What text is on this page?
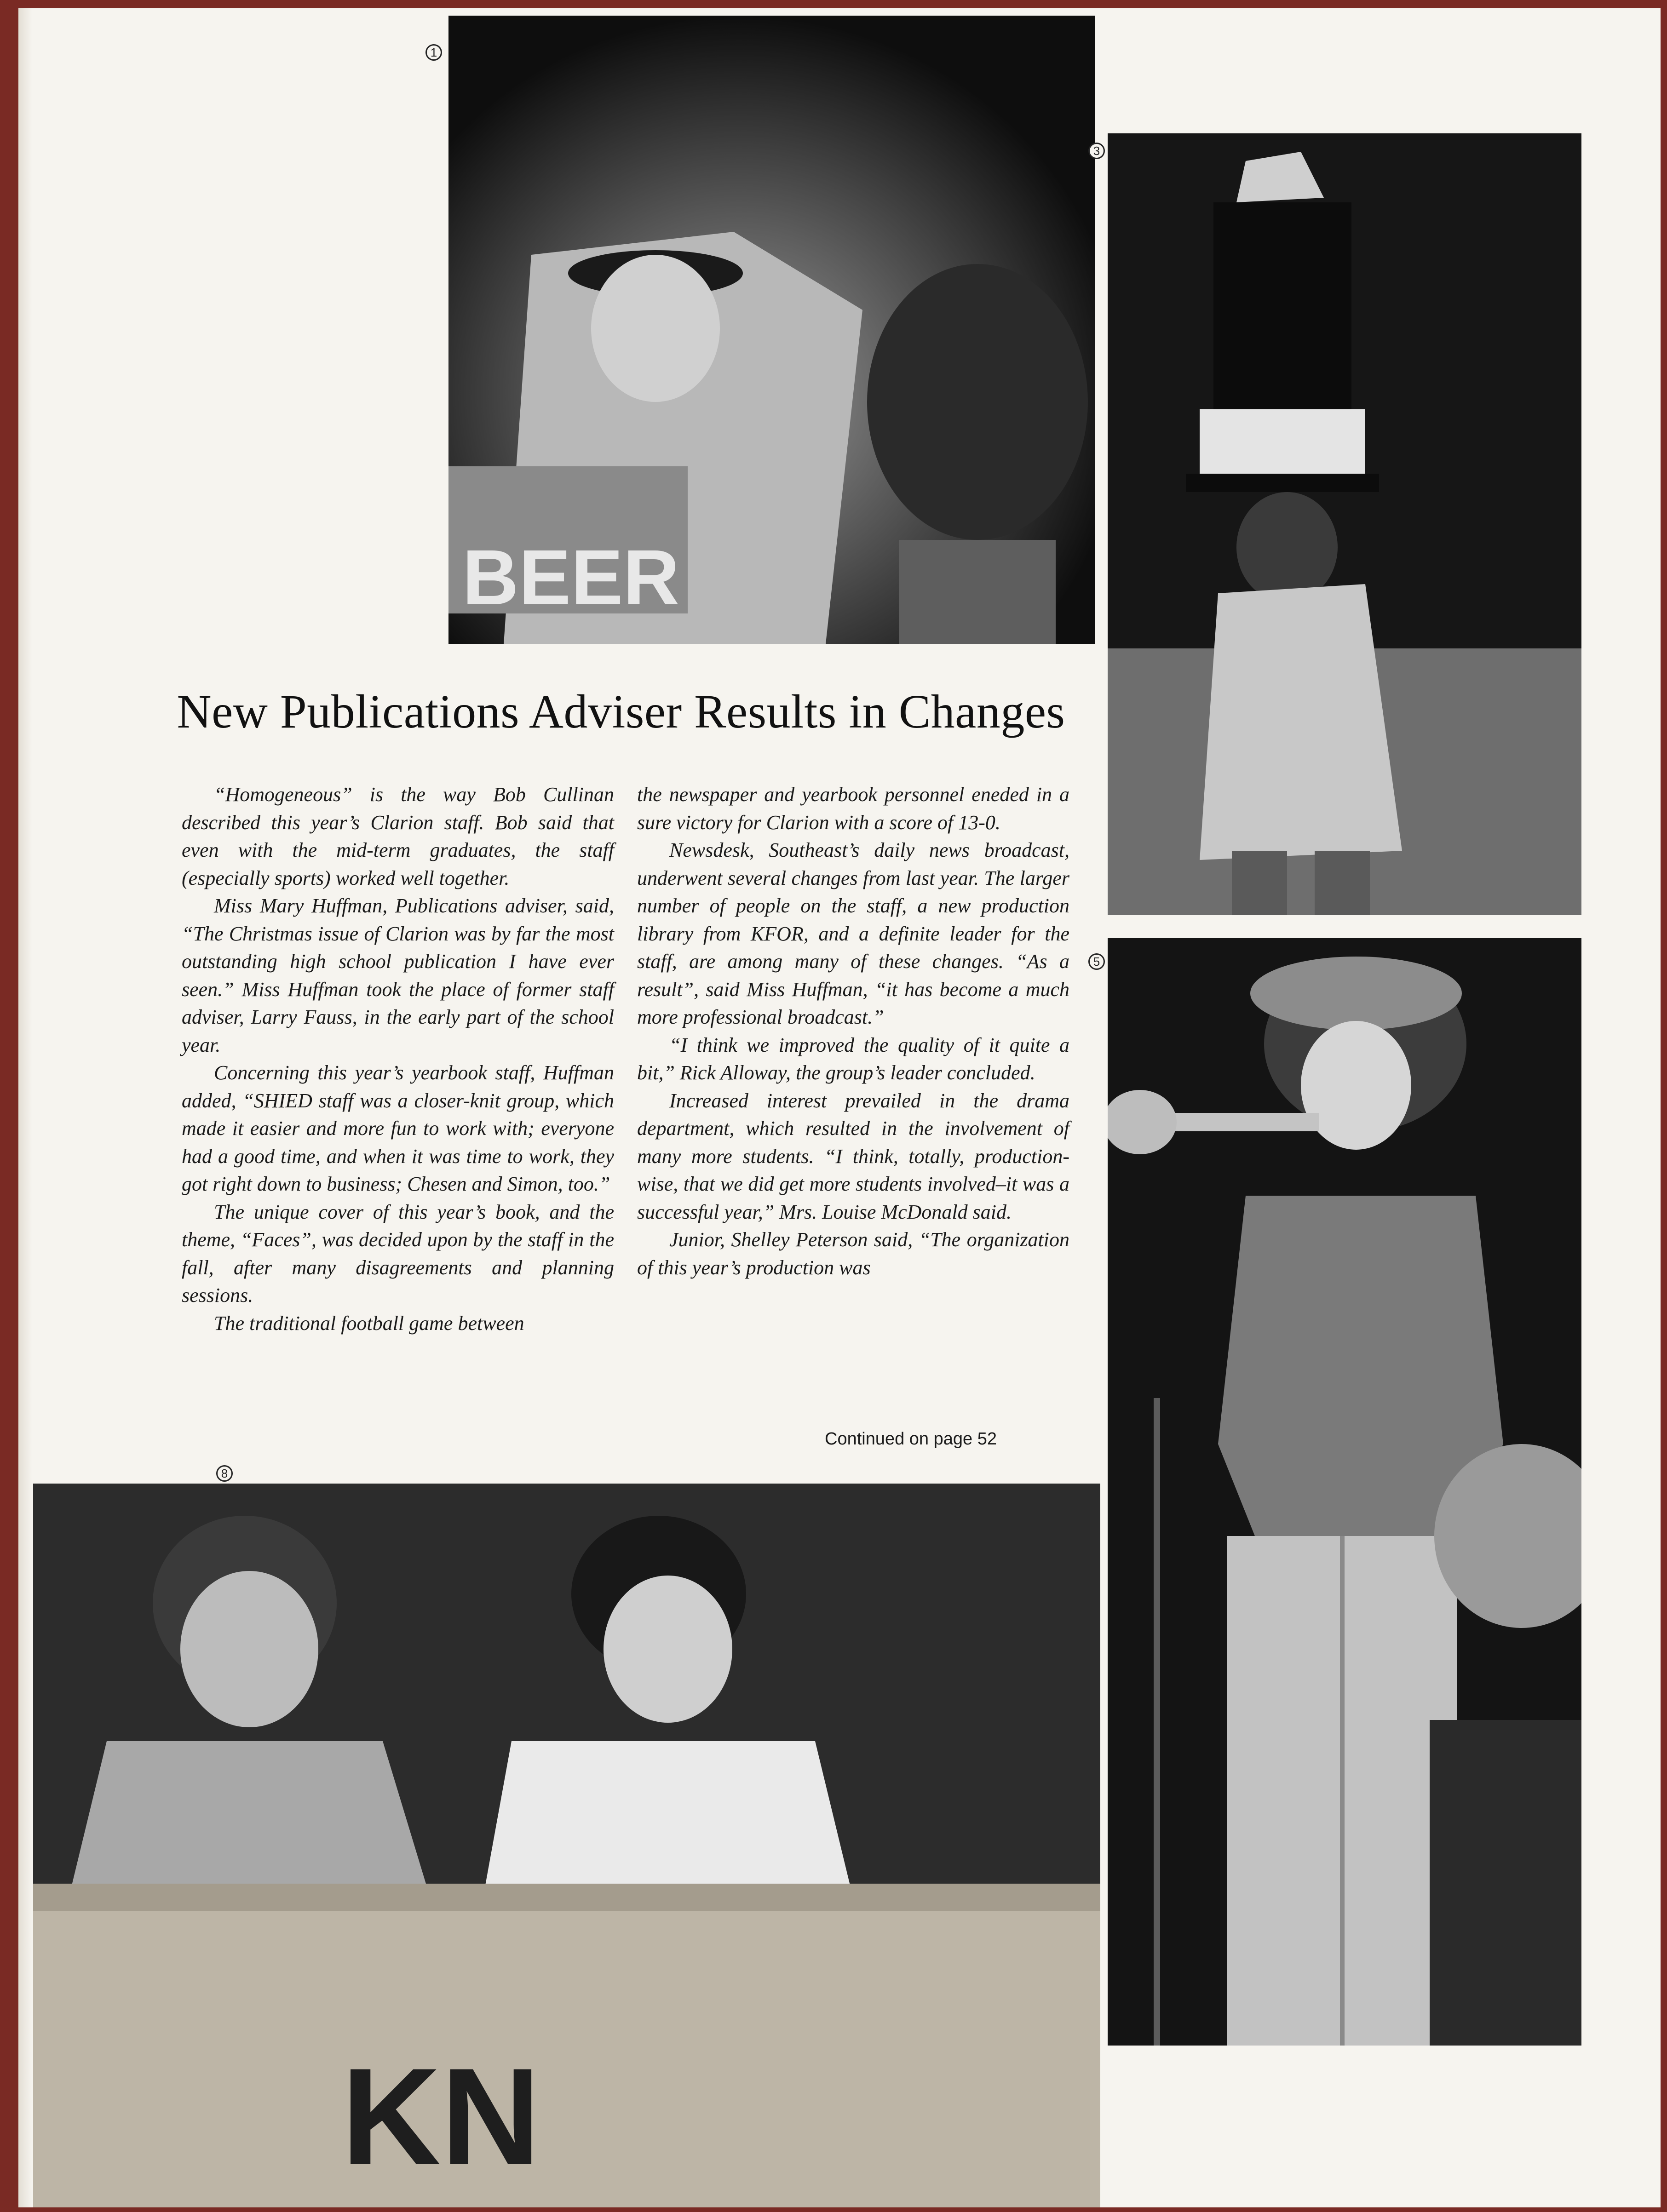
1
BEER
3
5
8
KN
New Publications Adviser Results in Changes

“Homogeneous” is the way Bob Cullinan described this year’s Clarion staff. Bob said that even with the mid-term graduates, the staff (especially sports) worked well together.

Miss Mary Huffman, Publications adviser, said, “The Christmas issue of Clarion was by far the most outstanding high school publication I have ever seen.” Miss Huffman took the place of former staff adviser, Larry Fauss, in the early part of the school year.

Concerning this year’s yearbook staff, Huffman added, “SHIED staff was a closer-knit group, which made it easier and more fun to work with; everyone had a good time, and when it was time to work, they got right down to business; Chesen and Simon, too.”

The unique cover of this year’s book, and the theme, “Faces”, was decided upon by the staff in the fall, after many disagreements and planning sessions.

The traditional football game between

the newspaper and yearbook personnel eneded in a sure victory for Clarion with a score of 13-0.

Newsdesk, Southeast’s daily news broadcast, underwent several changes from last year. The larger number of people on the staff, a new production library from KFOR, and a definite leader for the staff, are among many of these changes. “As a result”, said Miss Huffman, “it has become a much more professional broadcast.”

“I think we improved the quality of it quite a bit,” Rick Alloway, the group’s leader concluded.

Increased interest prevailed in the drama department, which resulted in the involvement of many more students. “I think, totally, production-wise, that we did get more students involved–it was a successful year,” Mrs. Louise McDonald said.

Junior, Shelley Peterson said, “The organization of this year’s production was

Continued on page 52
